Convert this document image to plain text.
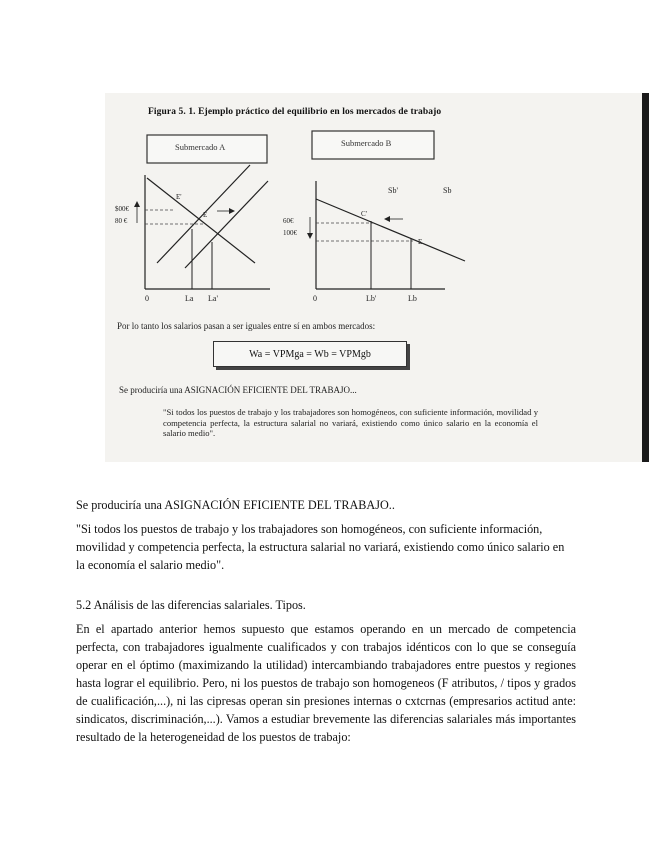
Figura 5. 1. Ejemplo práctico del equilibrio en los mercados de trabajo
Submercado A	Submercado B
$00€
80 €
0	La La'
E'
E
60€
100€
0	Lb'	Lb
C'
E
Sb'	Sb
Por lo tanto los salarios pasan a ser iguales entre sí en ambos mercados:
Wa = VPMga = Wb = VPMgb
Se produciría una ASIGNACIÓN EFICIENTE DEL TRABAJO...
"Si todos los puestos de trabajo y los trabajadores son homogéneos, con suficiente información, movilidad y competencia perfecta, la estructura salarial no variará, existiendo como único salario en la economía el salario medio".

Se produciría una ASIGNACIÓN EFICIENTE DEL TRABAJO..

"Si todos los puestos de trabajo y los trabajadores son homogéneos, con suficiente información, movilidad y competencia perfecta, la estructura salarial no variará, existiendo como único salario en la economía el salario medio".

5.2 Análisis de las diferencias salariales. Tipos.

En el apartado anterior hemos supuesto que estamos operando en un mercado de competencia perfecta, con trabajadores igualmente cualificados y con trabajos idénticos con lo que se conseguía operar en el óptimo (maximizando la utilidad) intercambiando trabajadores entre puestos y regiones hasta lograr el equilibrio. Pero, ni los puestos de trabajo son homogeneos (F atributos, / tipos y grados de cualificación,...), ni las cipresas operan sin presiones internas o cxtcrnas (empresarios actitud ante: sindicatos, discriminación,...). Vamos a estudiar brevemente las diferencias salariales más importantes resultado de la heterogeneidad de los puestos de trabajo:
